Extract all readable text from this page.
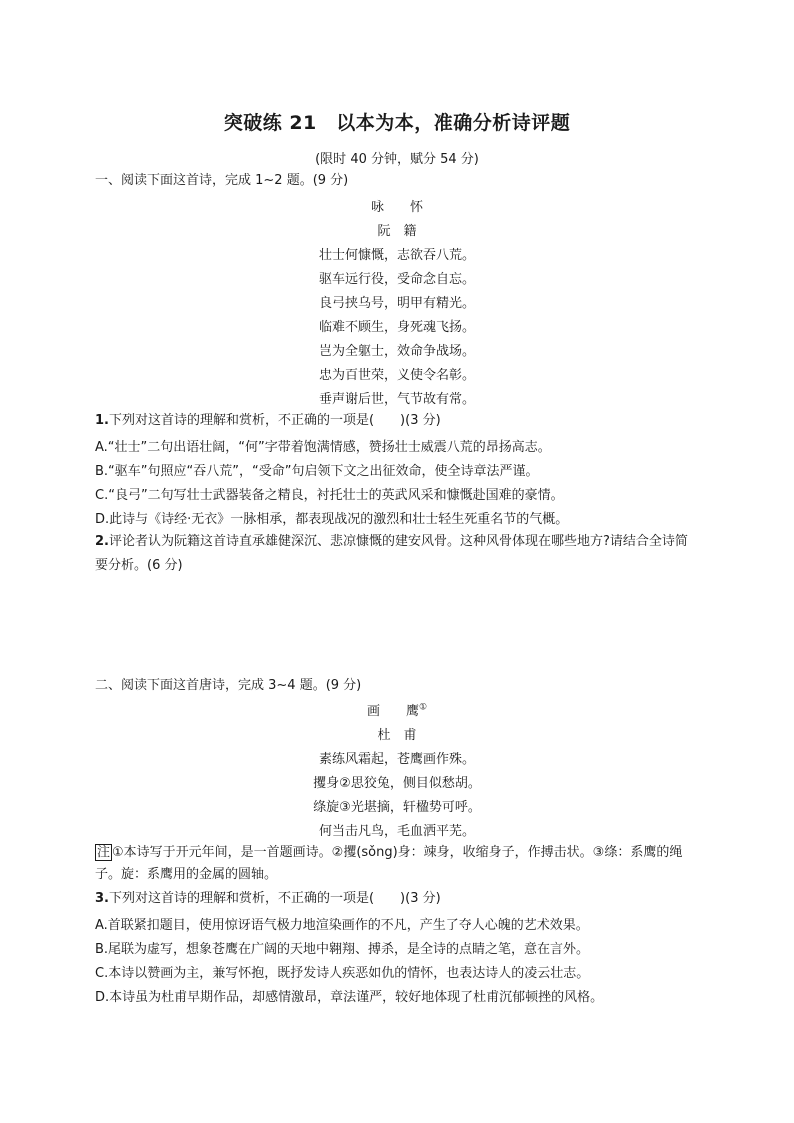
突破练 21　以本为本，准确分析诗评题
(限时 40 分钟，赋分 54 分)
一、阅读下面这首诗，完成 1~2 题。(9 分)
咏　　怀
阮　籍
壮士何慷慨，志欲吞八荒。
驱车远行役，受命念自忘。
良弓挟乌号，明甲有精光。
临难不顾生，身死魂飞扬。
岂为全躯士，效命争战场。
忠为百世荣，义使令名彰。
垂声谢后世，气节故有常。
1.下列对这首诗的理解和赏析，不正确的一项是(　　)(3 分)
A.“壮士”二句出语壮阔，“何”字带着饱满情感，赞扬壮士威震八荒的昂扬高志。
B.“驱车”句照应“吞八荒”，“受命”句启领下文之出征效命，使全诗章法严谨。
C.“良弓”二句写壮士武器装备之精良，衬托壮士的英武风采和慷慨赴国难的豪情。
D.此诗与《诗经·无衣》一脉相承，都表现战况的激烈和壮士轻生死重名节的气概。
2.评论者认为阮籍这首诗直承雄健深沉、悲凉慷慨的建安风骨。这种风骨体现在哪些地方?请结合全诗简要分析。(6 分)
二、阅读下面这首唐诗，完成 3~4 题。(9 分)
画　　鹰①
杜　甫
素练风霜起，苍鹰画作殊。
攫身②思狡兔，侧目似愁胡。
绦旋③光堪摘，轩楹势可呼。
何当击凡鸟，毛血洒平芜。
注 ①本诗写于开元年间，是一首题画诗。②攫(sǒng)身：竦身，收缩身子，作搏击状。③绦：系鹰的绳
子。旋：系鹰用的金属的圆轴。
3.下列对这首诗的理解和赏析，不正确的一项是(　　)(3 分)
A.首联紧扣题目，使用惊讶语气极力地渲染画作的不凡，产生了夺人心魄的艺术效果。
B.尾联为虚写，想象苍鹰在广阔的天地中翱翔、搏杀，是全诗的点睛之笔，意在言外。
C.本诗以赞画为主，兼写怀抱，既抒发诗人疾恶如仇的情怀，也表达诗人的凌云壮志。
D.本诗虽为杜甫早期作品，却感情激昂，章法谨严，较好地体现了杜甫沉郁顿挫的风格。
